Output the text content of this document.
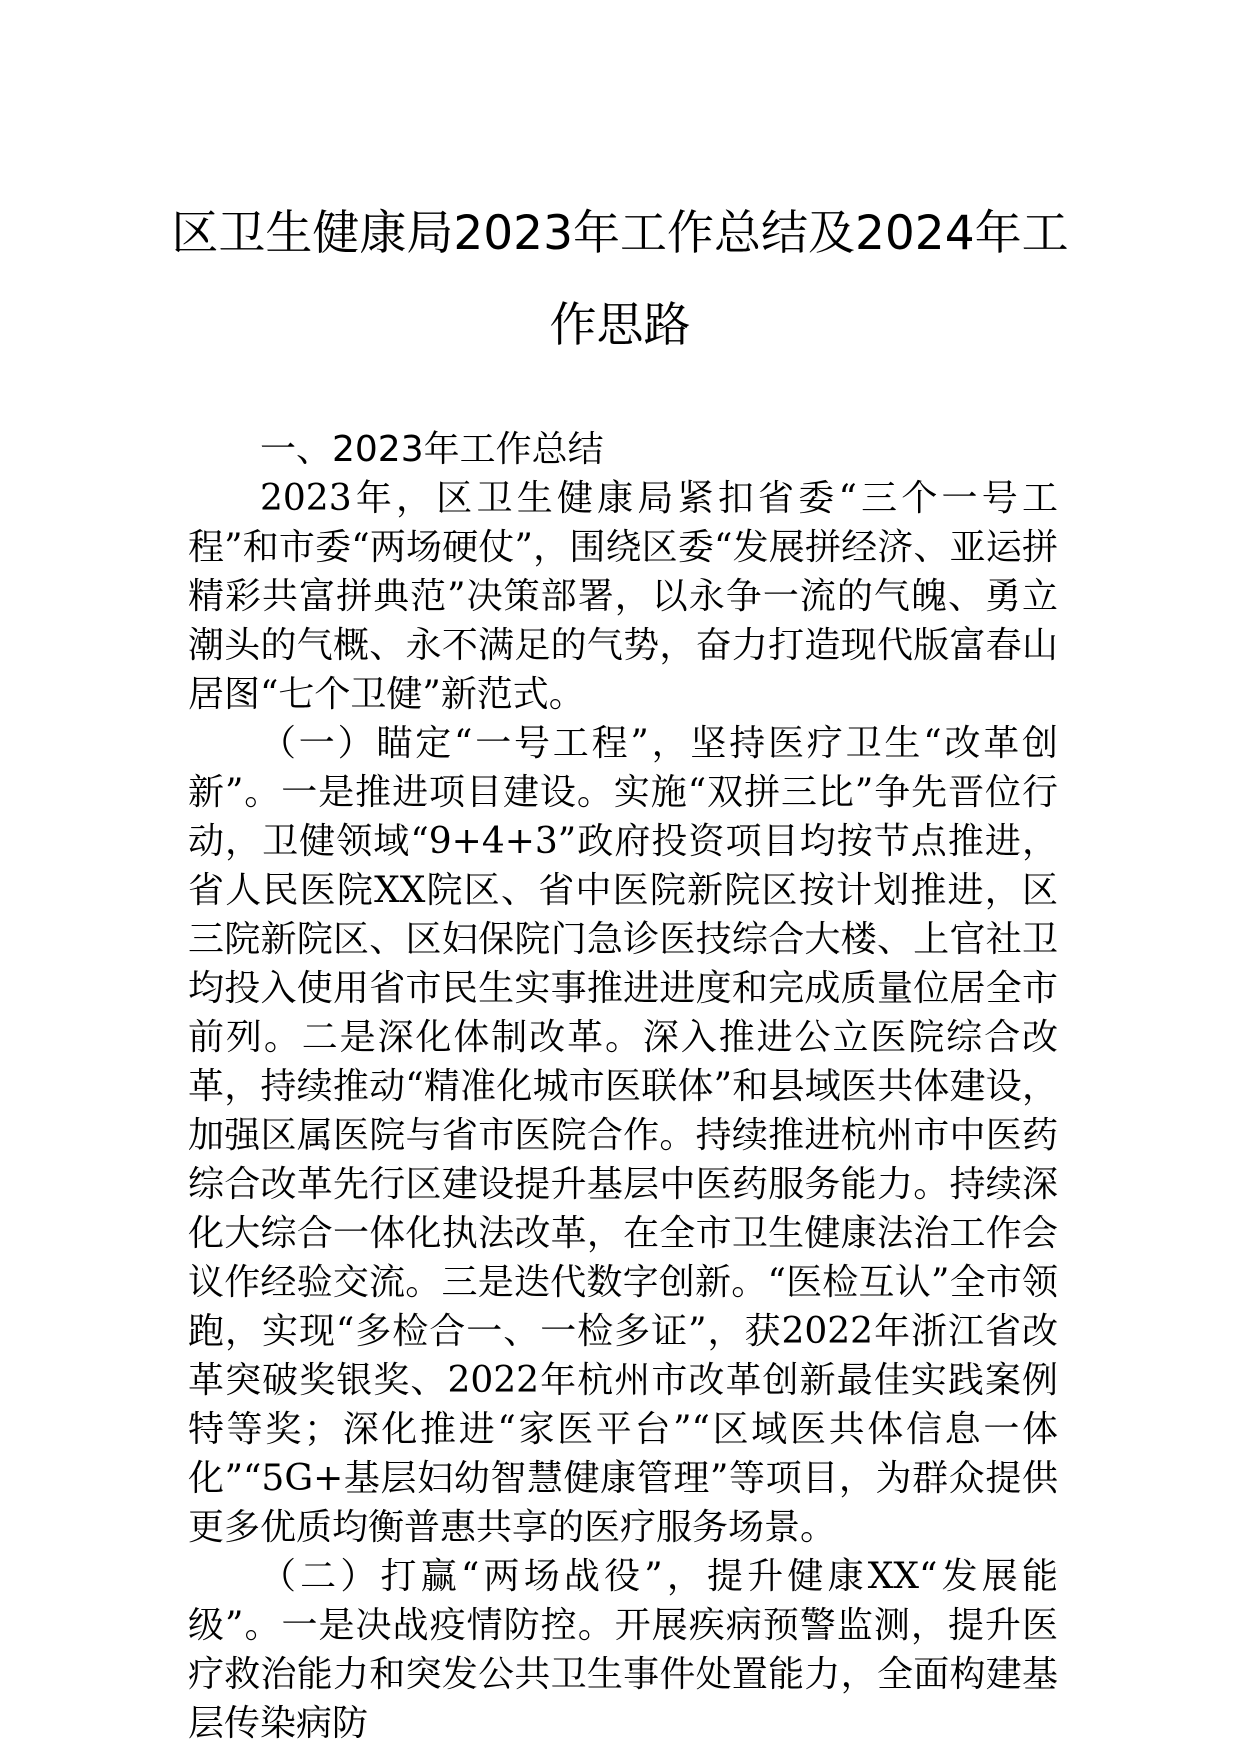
区卫生健康局2023年工作总结及2024年工作思路

一、2023年工作总结

2023年，区卫生健康局紧扣省委“三个一号工程”和市委“两场硬仗”，围绕区委“发展拼经济、亚运拼精彩共富拼典范”决策部署，以永争一流的气魄、勇立潮头的气概、永不满足的气势，奋力打造现代版富春山居图“七个卫健”新范式。

（一）瞄定“一号工程”，坚持医疗卫生“改革创新”。一是推进项目建设。实施“双拼三比”争先晋位行动，卫健领域“9+4+3”政府投资项目均按节点推进，省人民医院XX院区、省中医院新院区按计划推进，区三院新院区、区妇保院门急诊医技综合大楼、上官社卫均投入使用省市民生实事推进进度和完成质量位居全市前列。二是深化体制改革。深入推进公立医院综合改革，持续推动“精准化城市医联体”和县域医共体建设，加强区属医院与省市医院合作。持续推进杭州市中医药综合改革先行区建设提升基层中医药服务能力。持续深化大综合一体化执法改革，在全市卫生健康法治工作会议作经验交流。三是迭代数字创新。“医检互认”全市领跑，实现“多检合一、一检多证”，获2022年浙江省改革突破奖银奖、2022年杭州市改革创新最佳实践案例特等奖；深化推进“家医平台”“区域医共体信息一体化”“5G+基层妇幼智慧健康管理”等项目，为群众提供更多优质均衡普惠共享的医疗服务场景。

（二）打赢“两场战役”，提升健康XX“发展能级”。一是决战疫情防控。开展疾病预警监测，提升医疗救治能力和突发公共卫生事件处置能力，全面构建基层传染病防
